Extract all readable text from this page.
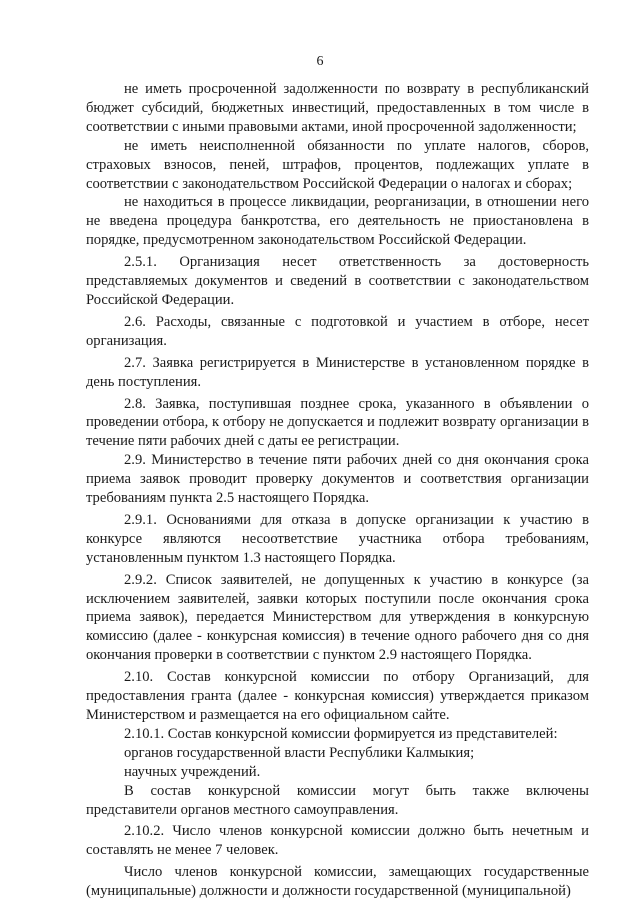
6

не иметь просроченной задолженности по возврату в республиканский бюджет субсидий, бюджетных инвестиций, предоставленных в том числе в соответствии с иными правовыми актами, иной просроченной задолженности;

не иметь неисполненной обязанности по уплате налогов, сборов, страховых взносов, пеней, штрафов, процентов, подлежащих уплате в соответствии с законодательством Российской Федерации о налогах и сборах;

не находиться в процессе ликвидации, реорганизации, в отношении него не введена процедура банкротства, его деятельность не приостановлена в порядке, предусмотренном законодательством Российской Федерации.

2.5.1. Организация несет ответственность за достоверность представляемых документов и сведений в соответствии с законодательством Российской Федерации.

2.6. Расходы, связанные с подготовкой и участием в отборе, несет организация.

2.7. Заявка регистрируется в Министерстве в установленном порядке в день поступления.

2.8. Заявка, поступившая позднее срока, указанного в объявлении о проведении отбора, к отбору не допускается и подлежит возврату организации в течение пяти рабочих дней с даты ее регистрации.

2.9. Министерство в течение пяти рабочих дней со дня окончания срока приема заявок проводит проверку документов и соответствия организации требованиям пункта 2.5 настоящего Порядка.

2.9.1. Основаниями для отказа в допуске организации к участию в конкурсе являются несоответствие участника отбора требованиям, установленным пунктом 1.3 настоящего Порядка.

2.9.2. Список заявителей, не допущенных к участию в конкурсе (за исключением заявителей, заявки которых поступили после окончания срока приема заявок), передается Министерством для утверждения в конкурсную комиссию (далее - конкурсная комиссия) в течение одного рабочего дня со дня окончания проверки в соответствии с пунктом 2.9 настоящего Порядка.

2.10. Состав конкурсной комиссии по отбору Организаций, для предоставления гранта (далее - конкурсная комиссия) утверждается приказом Министерством и размещается на его официальном сайте.

2.10.1. Состав конкурсной комиссии формируется из представителей:

органов государственной власти Республики Калмыкия;

научных учреждений.

В состав конкурсной комиссии могут быть также включены представители органов местного самоуправления.

2.10.2. Число членов конкурсной комиссии должно быть нечетным и составлять не менее 7 человек.

Число членов конкурсной комиссии, замещающих государственные (муниципальные) должности и должности государственной (муниципальной)
